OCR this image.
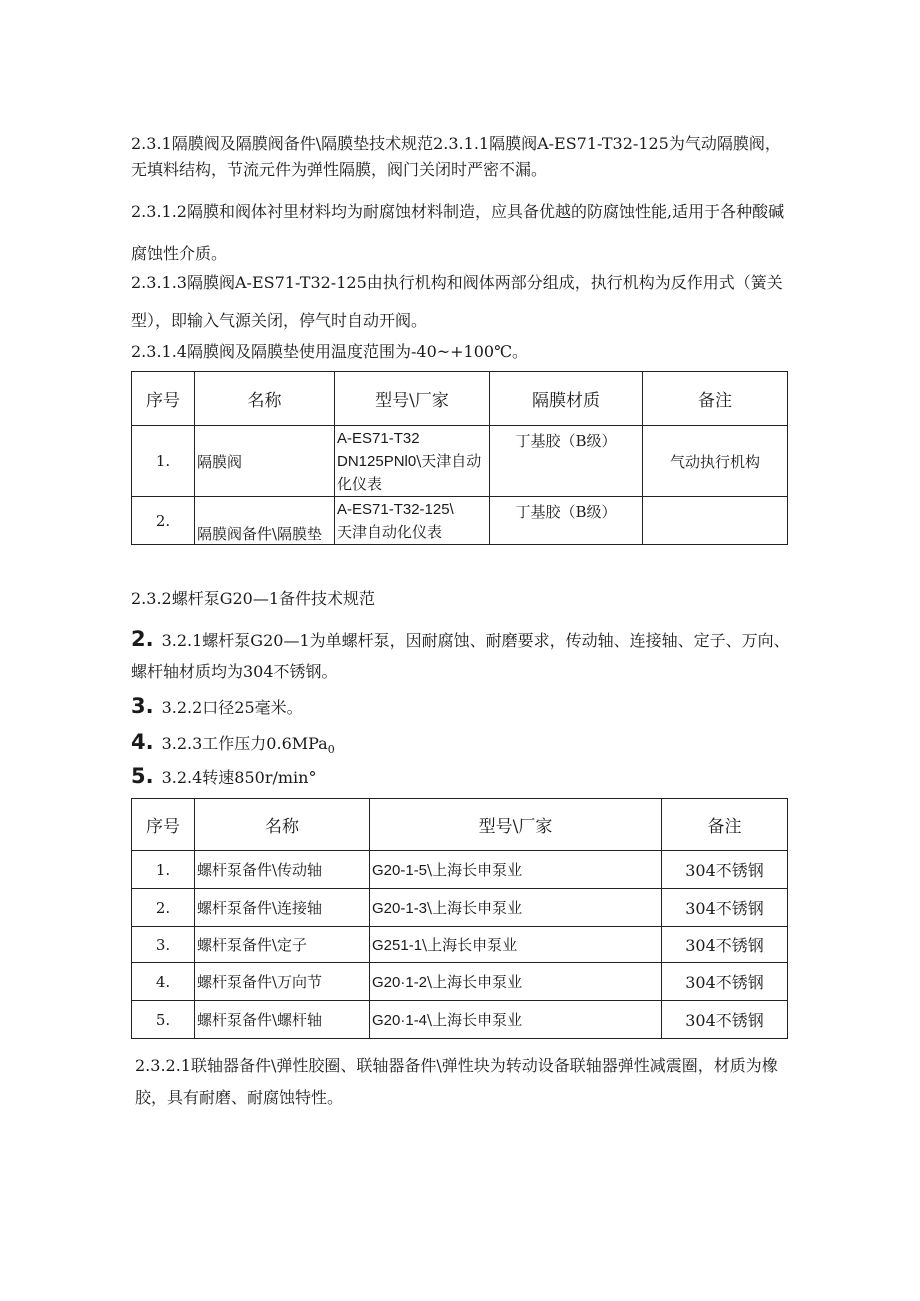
2.3.1隔膜阀及隔膜阀备件\隔膜垫技术规范2.3.1.1隔膜阀A-ES71-T32-125为气动隔膜阀，无填料结构，节流元件为弹性隔膜，阀门关闭时严密不漏。

2.3.1.2隔膜和阀体衬里材料均为耐腐蚀材料制造，应具备优越的防腐蚀性能,适用于各种酸碱腐蚀性介质。

2.3.1.3隔膜阀A-ES71-T32-125由执行机构和阀体两部分组成，执行机构为反作用式（簧关型），即输入气源关闭，停气时自动开阀。

2.3.1.4隔膜阀及隔膜垫使用温度范围为-40~+100℃。

序号	名称	型号\厂家	隔膜材质	备注
1.	隔膜阀	A-ES71-T32
DN125PNl0\天津自动
化仪表	丁基胶（B级）	气动执行机构
2.	隔膜阀备件\隔膜垫	A-ES71-T32-125\
天津自动化仪表	丁基胶（B级）	

2.3.2螺杆泵G20—1备件技术规范

2. 3.2.1螺杆泵G20—1为单螺杆泵，因耐腐蚀、耐磨要求，传动轴、连接轴、定子、万向、螺杆轴材质均为304不锈钢。

3. 3.2.2口径25毫米。

4. 3.2.3工作压力0.6MPa$_0$

5. 3.2.4转速850r/min°

序号	名称	型号\厂家	备注
1.	螺杆泵备件\传动轴	G20-1-5\上海长申泵业	304不锈钢
2.	螺杆泵备件\连接轴	G20-1-3\上海长申泵业	304不锈钢
3.	螺杆泵备件\定子	G251-1\上海长申泵业	304不锈钢
4.	螺杆泵备件\万向节	G20·1-2\上海长申泵业	304不锈钢
5.	螺杆泵备件\螺杆轴	G20·1-4\上海长申泵业	304不锈钢

2.3.2.1联轴器备件\弹性胶圈、联轴器备件\弹性块为转动设备联轴器弹性减震圈，材质为橡胶，具有耐磨、耐腐蚀特性。
